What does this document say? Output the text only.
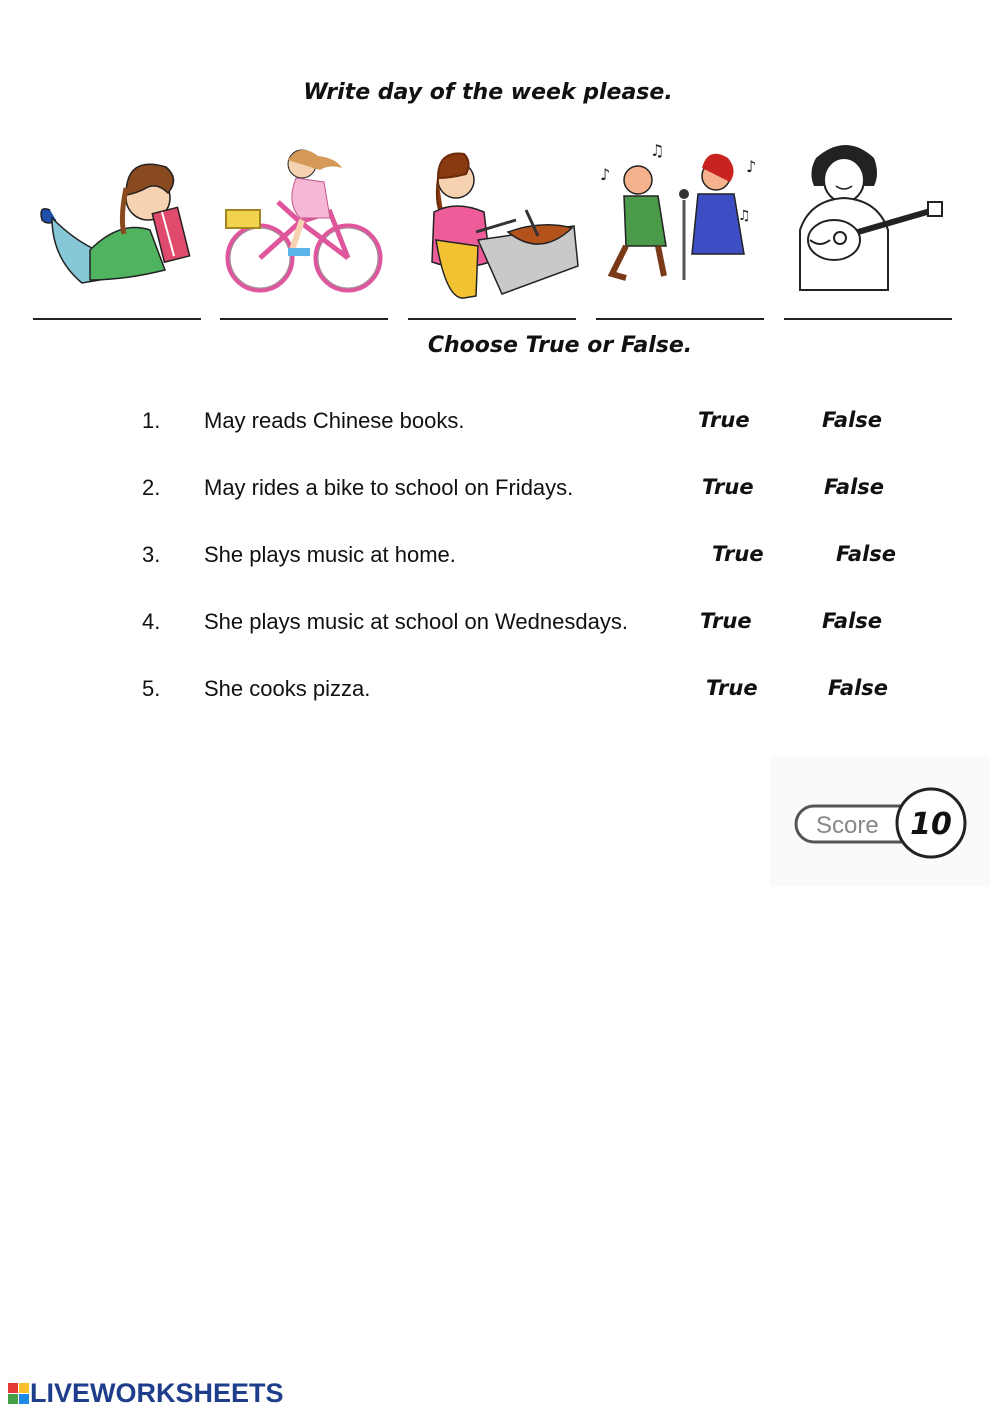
Write day of the week please.
♪
♫
♪
♫
Choose True or False.
1. May reads Chinese books.	True	False
2. May rides a bike to school on Fridays.	True	False
3. She plays music at home.	True	False
4. She plays music at school on Wednesdays.	True	False
5. She cooks pizza.	True	False
Score 10
LIVEWORKSHEETS
